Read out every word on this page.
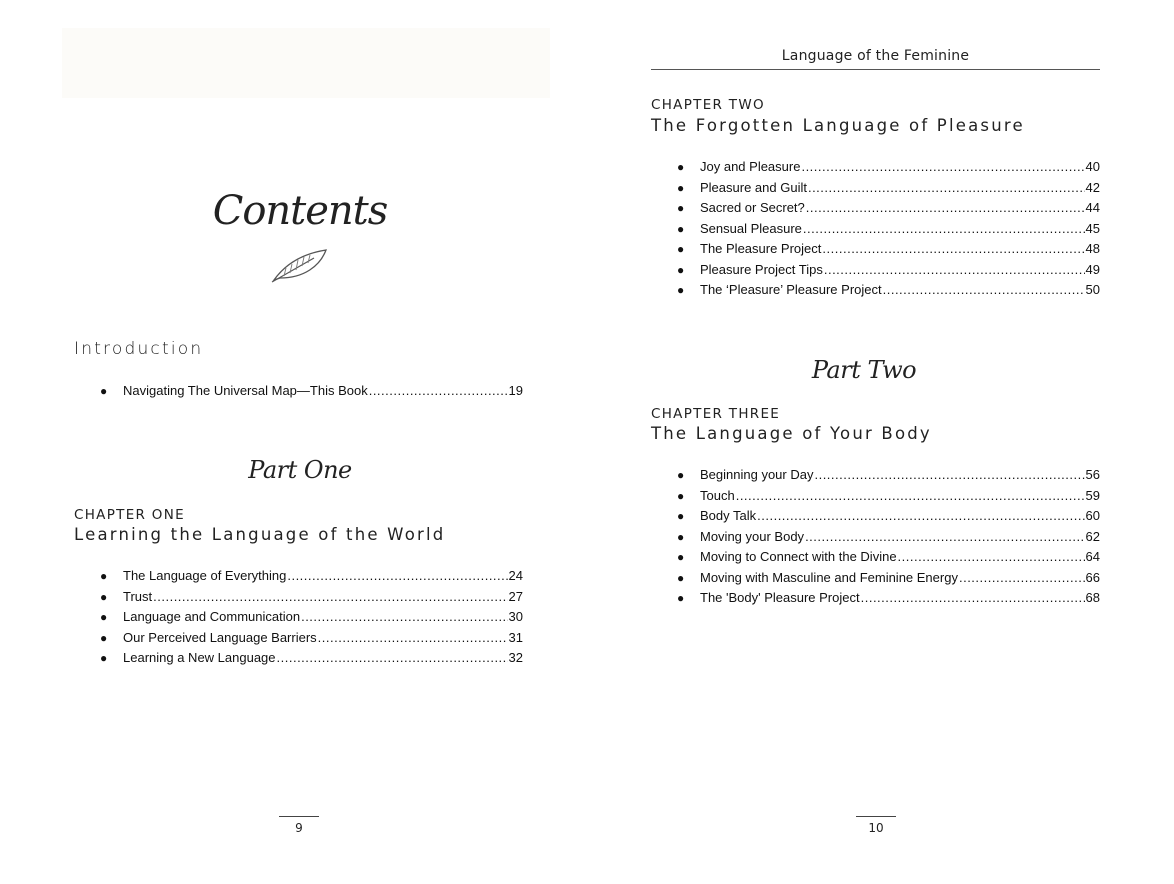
Contents
Introduction
● Navigating The Universal Map—This Book .....	19
Part One
CHAPTER ONE
Learning the Language of the World
● The Language of Everything .....	24
● Trust .....	27
● Language and Communication .....	30
● Our Perceived Language Barriers .....	31
● Learning a New Language .....	32
9
Language of the Feminine
CHAPTER TWO
The Forgotten Language of Pleasure
● Joy and Pleasure .....	40
● Pleasure and Guilt .....	42
● Sacred or Secret? .....	44
● Sensual Pleasure .....	45
● The Pleasure Project .....	48
● Pleasure Project Tips .....	49
● The ‘Pleasure’ Pleasure Project .....	50
Part Two
CHAPTER THREE
The Language of Your Body
● Beginning your Day .....	56
● Touch .....	59
● Body Talk .....	60
● Moving your Body .....	62
● Moving to Connect with the Divine .....	64
● Moving with Masculine and Feminine Energy .....	66
● The 'Body' Pleasure Project .....	68
10
